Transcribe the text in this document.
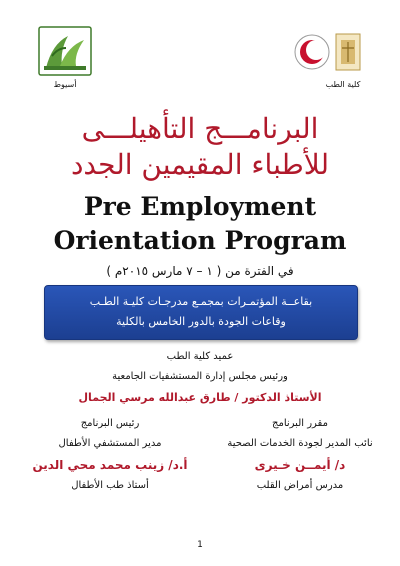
أسيوط	كلية الطب
البرنامـــج التأهيلـــى
للأطباء المقيمين الجدد
Pre Employment
Orientation Program
في الفترة من ( ١ – ٧ مارس ٢٠١٥م )
بقاعــة المؤتمـرات بمجمـع مدرجـات كليـة الطـب
وقاعات الجودة بالدور الخامس بالكلية
عميد كلية الطب
ورئيس مجلس إدارة المستشفيات الجامعية
الأستاذ الدكتور / طارق عبدالله مرسي الجمال
مقرر البرنامج
نائب المدير لجودة الخدمات الصحية
د/ أيمــن خـيرى
مدرس أمراض القلب
رئيس البرنامج
مدير المستشفي الأطفال
أ.د/ زينب محمد محي الدين
أستاذ طب الأطفال
1
